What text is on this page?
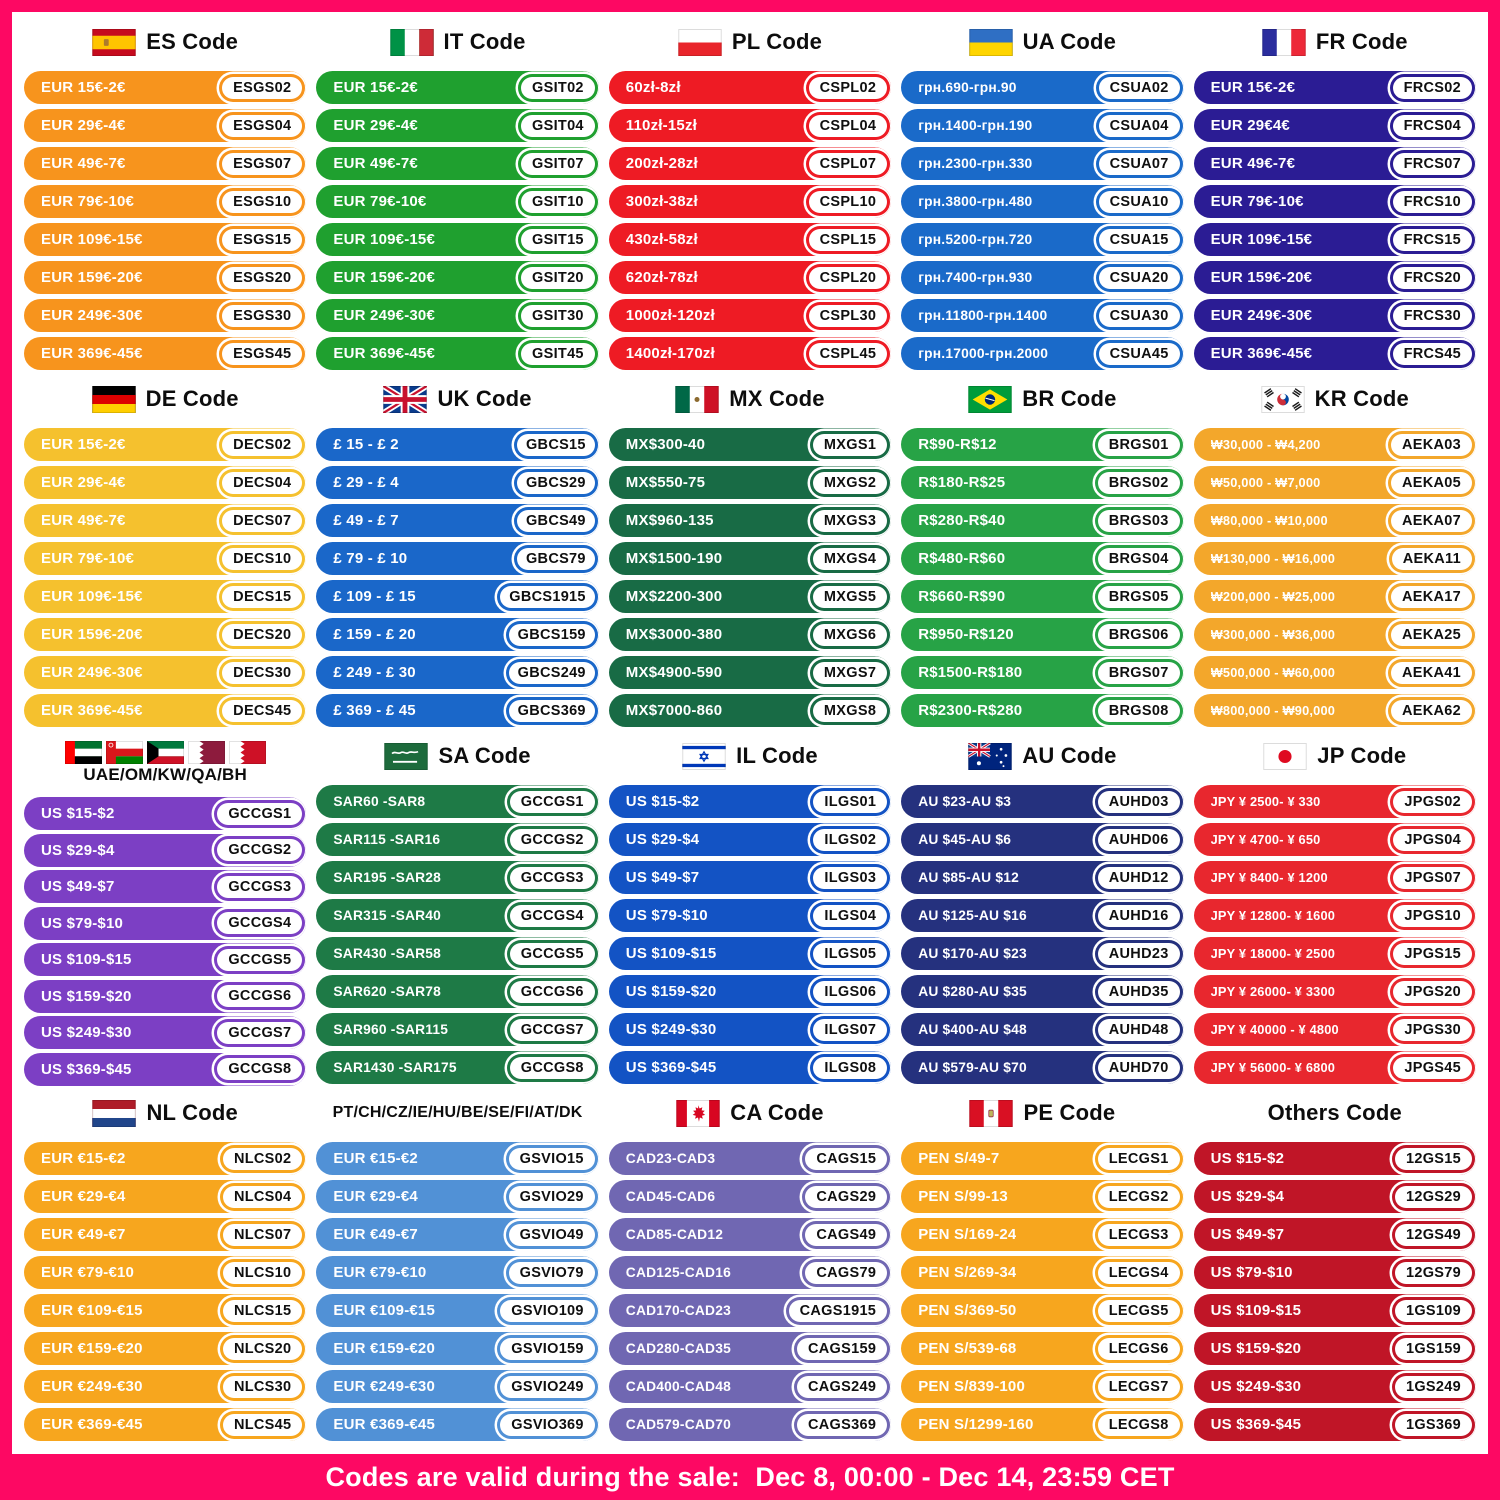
ES Code
EUR 15€-2€	ESGS02
EUR 29€-4€	ESGS04
EUR 49€-7€	ESGS07
EUR 79€-10€	ESGS10
EUR 109€-15€	ESGS15
EUR 159€-20€	ESGS20
EUR 249€-30€	ESGS30
EUR 369€-45€	ESGS45
IT Code
EUR 15€-2€	GSIT02
EUR 29€-4€	GSIT04
EUR 49€-7€	GSIT07
EUR 79€-10€	GSIT10
EUR 109€-15€	GSIT15
EUR 159€-20€	GSIT20
EUR 249€-30€	GSIT30
EUR 369€-45€	GSIT45
PL Code
60zł-8zł	CSPL02
110zł-15zł	CSPL04
200zł-28zł	CSPL07
300zł-38zł	CSPL10
430zł-58zł	CSPL15
620zł-78zł	CSPL20
1000zł-120zł	CSPL30
1400zł-170zł	CSPL45
UA Code
грн.690-грн.90	CSUA02
грн.1400-грн.190	CSUA04
грн.2300-грн.330	CSUA07
грн.3800-грн.480	CSUA10
грн.5200-грн.720	CSUA15
грн.7400-грн.930	CSUA20
грн.11800-грн.1400	CSUA30
грн.17000-грн.2000	CSUA45
FR Code
EUR 15€-2€	FRCS02
EUR 29€4€	FRCS04
EUR 49€-7€	FRCS07
EUR 79€-10€	FRCS10
EUR 109€-15€	FRCS15
EUR 159€-20€	FRCS20
EUR 249€-30€	FRCS30
EUR 369€-45€	FRCS45
DE Code
EUR 15€-2€	DECS02
EUR 29€-4€	DECS04
EUR 49€-7€	DECS07
EUR 79€-10€	DECS10
EUR 109€-15€	DECS15
EUR 159€-20€	DECS20
EUR 249€-30€	DECS30
EUR 369€-45€	DECS45
UK Code
£ 15 - £ 2	GBCS15
£ 29 - £ 4	GBCS29
£ 49 - £ 7	GBCS49
£ 79 - £ 10	GBCS79
£ 109 - £ 15	GBCS1915
£ 159 - £ 20	GBCS159
£ 249 - £ 30	GBCS249
£ 369 - £ 45	GBCS369
MX Code
MX$300-40	MXGS1
MX$550-75	MXGS2
MX$960-135	MXGS3
MX$1500-190	MXGS4
MX$2200-300	MXGS5
MX$3000-380	MXGS6
MX$4900-590	MXGS7
MX$7000-860	MXGS8
BR Code
R$90-R$12	BRGS01
R$180-R$25	BRGS02
R$280-R$40	BRGS03
R$480-R$60	BRGS04
R$660-R$90	BRGS05
R$950-R$120	BRGS06
R$1500-R$180	BRGS07
R$2300-R$280	BRGS08
KR Code
₩30,000 - ₩4,200	AEKA03
₩50,000 - ₩7,000	AEKA05
₩80,000 - ₩10,000	AEKA07
₩130,000 - ₩16,000	AEKA11
₩200,000 - ₩25,000	AEKA17
₩300,000 - ₩36,000	AEKA25
₩500,000 - ₩60,000	AEKA41
₩800,000 - ₩90,000	AEKA62
UAE/OM/KW/QA/BH
US $15-$2	GCCGS1
US $29-$4	GCCGS2
US $49-$7	GCCGS3
US $79-$10	GCCGS4
US $109-$15	GCCGS5
US $159-$20	GCCGS6
US $249-$30	GCCGS7
US $369-$45	GCCGS8
SA Code
SAR60 -SAR8	GCCGS1
SAR115 -SAR16	GCCGS2
SAR195 -SAR28	GCCGS3
SAR315 -SAR40	GCCGS4
SAR430 -SAR58	GCCGS5
SAR620 -SAR78	GCCGS6
SAR960 -SAR115	GCCGS7
SAR1430 -SAR175	GCCGS8
IL Code
US $15-$2	ILGS01
US $29-$4	ILGS02
US $49-$7	ILGS03
US $79-$10	ILGS04
US $109-$15	ILGS05
US $159-$20	ILGS06
US $249-$30	ILGS07
US $369-$45	ILGS08
AU Code
AU $23-AU $3	AUHD03
AU $45-AU $6	AUHD06
AU $85-AU $12	AUHD12
AU $125-AU $16	AUHD16
AU $170-AU $23	AUHD23
AU $280-AU $35	AUHD35
AU $400-AU $48	AUHD48
AU $579-AU $70	AUHD70
JP Code
JPY ¥ 2500- ¥ 330	JPGS02
JPY ¥ 4700- ¥ 650	JPGS04
JPY ¥ 8400- ¥ 1200	JPGS07
JPY ¥ 12800- ¥ 1600	JPGS10
JPY ¥ 18000- ¥ 2500	JPGS15
JPY ¥ 26000- ¥ 3300	JPGS20
JPY ¥ 40000 - ¥ 4800	JPGS30
JPY ¥ 56000- ¥ 6800	JPGS45
NL Code
EUR €15-€2	NLCS02
EUR €29-€4	NLCS04
EUR €49-€7	NLCS07
EUR €79-€10	NLCS10
EUR €109-€15	NLCS15
EUR €159-€20	NLCS20
EUR €249-€30	NLCS30
EUR €369-€45	NLCS45
PT/CH/CZ/IE/HU/BE/SE/FI/AT/DK
EUR €15-€2	GSVIO15
EUR €29-€4	GSVIO29
EUR €49-€7	GSVIO49
EUR €79-€10	GSVIO79
EUR €109-€15	GSVIO109
EUR €159-€20	GSVIO159
EUR €249-€30	GSVIO249
EUR €369-€45	GSVIO369
CA Code
CAD23-CAD3	CAGS15
CAD45-CAD6	CAGS29
CAD85-CAD12	CAGS49
CAD125-CAD16	CAGS79
CAD170-CAD23	CAGS1915
CAD280-CAD35	CAGS159
CAD400-CAD48	CAGS249
CAD579-CAD70	CAGS369
PE Code
PEN S/49-7	LECGS1
PEN S/99-13	LECGS2
PEN S/169-24	LECGS3
PEN S/269-34	LECGS4
PEN S/369-50	LECGS5
PEN S/539-68	LECGS6
PEN S/839-100	LECGS7
PEN S/1299-160	LECGS8
Others Code
US $15-$2	12GS15
US $29-$4	12GS29
US $49-$7	12GS49
US $79-$10	12GS79
US $109-$15	1GS109
US $159-$20	1GS159
US $249-$30	1GS249
US $369-$45	1GS369
Codes are valid during the sale:  Dec 8, 00:00 - Dec 14, 23:59 CET
